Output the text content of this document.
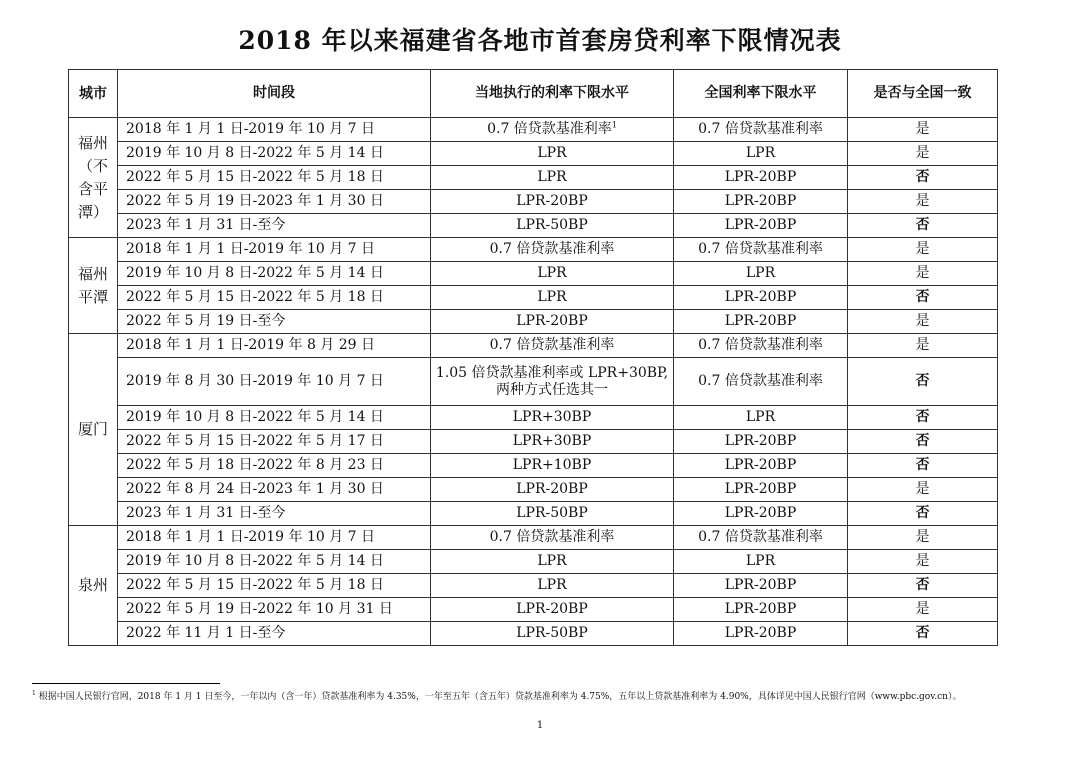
2018 年以来福建省各地市首套房贷利率下限情况表
城市	时间段	当地执行的利率下限水平	全国利率下限水平	是否与全国一致
福州（不含平潭）	2018 年 1 月 1 日-2019 年 10 月 7 日	0.7 倍贷款基准利率$^1$	0.7 倍贷款基准利率	是
	2019 年 10 月 8 日-2022 年 5 月 14 日	LPR	LPR	是
	2022 年 5 月 15 日-2022 年 5 月 18 日	LPR	LPR-20BP	否
	2022 年 5 月 19 日-2023 年 1 月 30 日	LPR-20BP	LPR-20BP	是
	2023 年 1 月 31 日-至今	LPR-50BP	LPR-20BP	否
福州平潭	2018 年 1 月 1 日-2019 年 10 月 7 日	0.7 倍贷款基准利率	0.7 倍贷款基准利率	是
	2019 年 10 月 8 日-2022 年 5 月 14 日	LPR	LPR	是
	2022 年 5 月 15 日-2022 年 5 月 18 日	LPR	LPR-20BP	否
	2022 年 5 月 19 日-至今	LPR-20BP	LPR-20BP	是
厦门	2018 年 1 月 1 日-2019 年 8 月 29 日	0.7 倍贷款基准利率	0.7 倍贷款基准利率	是
	2019 年 8 月 30 日-2019 年 10 月 7 日	1.05 倍贷款基准利率或 LPR+30BP,两种方式任选其一	0.7 倍贷款基准利率	否
	2019 年 10 月 8 日-2022 年 5 月 14 日	LPR+30BP	LPR	否
	2022 年 5 月 15 日-2022 年 5 月 17 日	LPR+30BP	LPR-20BP	否
	2022 年 5 月 18 日-2022 年 8 月 23 日	LPR+10BP	LPR-20BP	否
	2022 年 8 月 24 日-2023 年 1 月 30 日	LPR-20BP	LPR-20BP	是
	2023 年 1 月 31 日-至今	LPR-50BP	LPR-20BP	否
泉州	2018 年 1 月 1 日-2019 年 10 月 7 日	0.7 倍贷款基准利率	0.7 倍贷款基准利率	是
	2019 年 10 月 8 日-2022 年 5 月 14 日	LPR	LPR	是
	2022 年 5 月 15 日-2022 年 5 月 18 日	LPR	LPR-20BP	否
	2022 年 5 月 19 日-2022 年 10 月 31 日	LPR-20BP	LPR-20BP	是
	2022 年 11 月 1 日-至今	LPR-50BP	LPR-20BP	否
$^1$ 根据中国人民银行官网，2018 年 1 月 1 日至今，一年以内（含一年）贷款基准利率为 4.35%，一年至五年（含五年）贷款基准利率为 4.75%，五年以上贷款基准利率为 4.90%，具体详见中国人民银行官网（www.pbc.gov.cn）。
1
